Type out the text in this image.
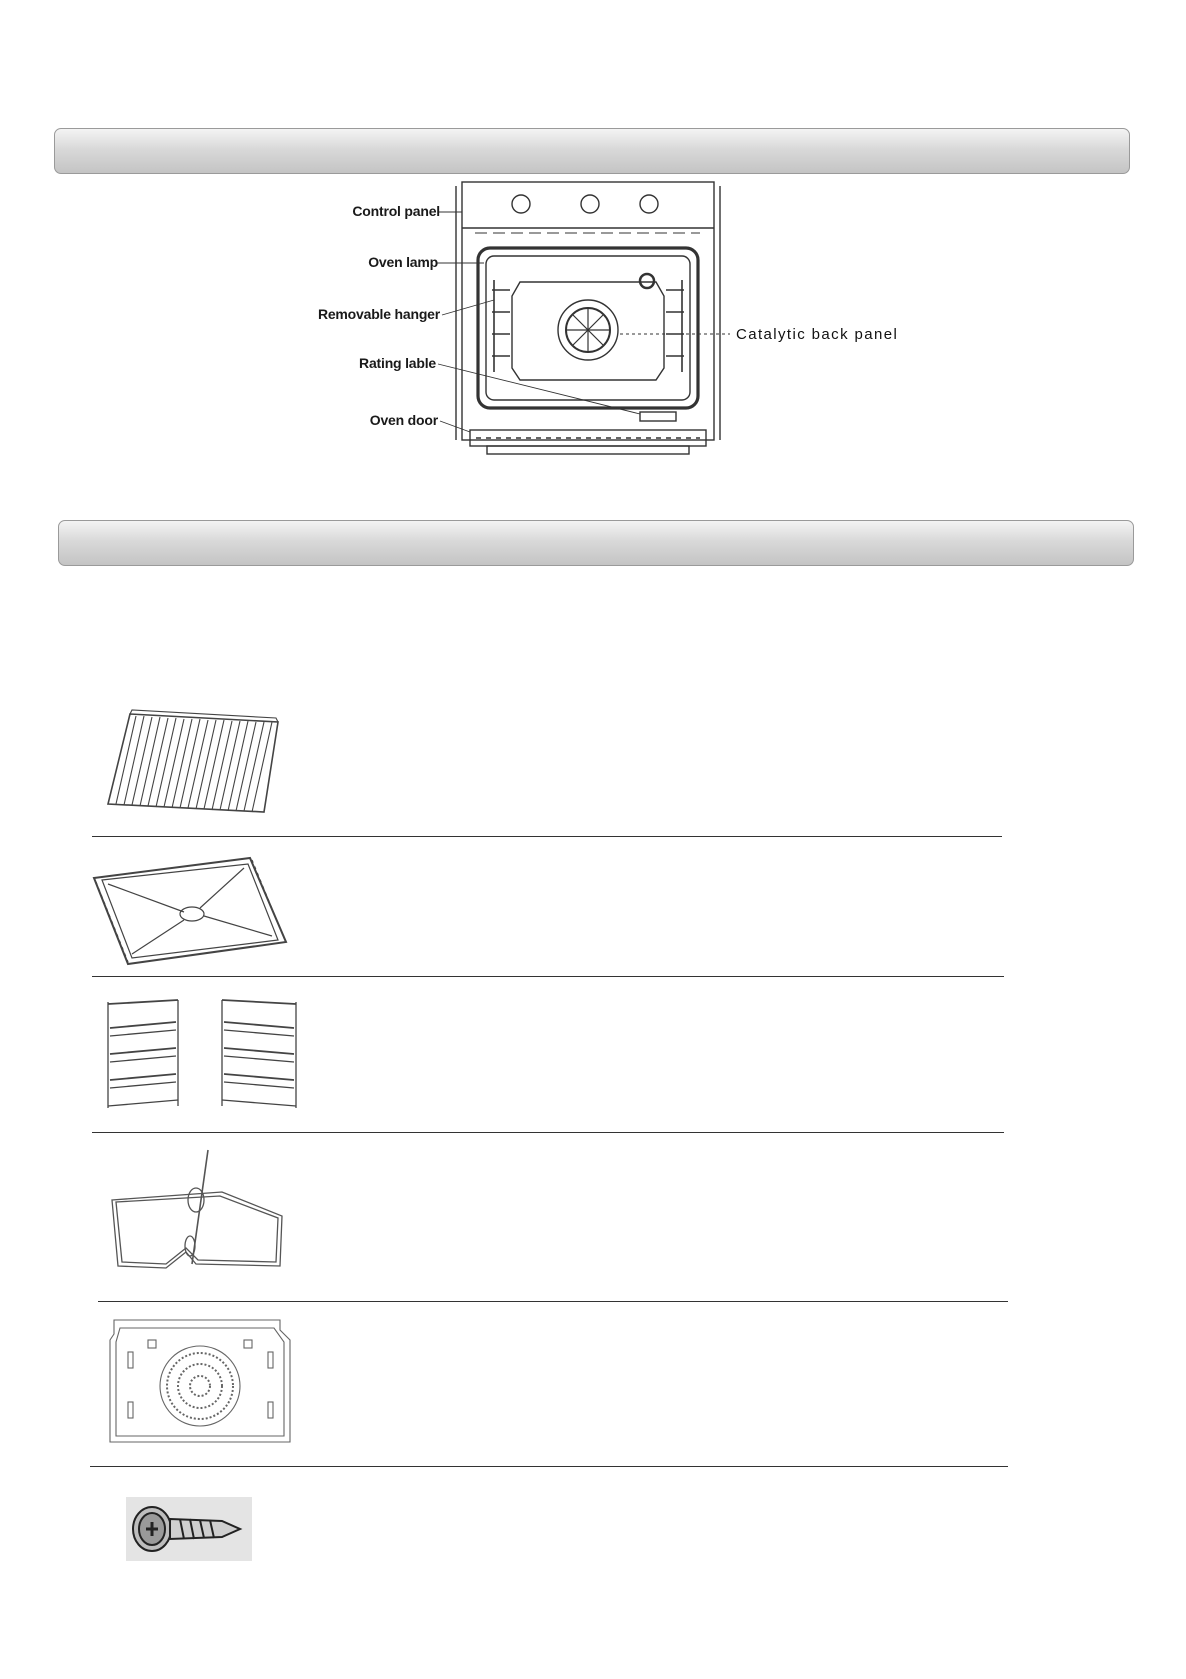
Control panel
Oven lamp
Removable hanger
Rating lable
Oven door
Catalytic back panel
